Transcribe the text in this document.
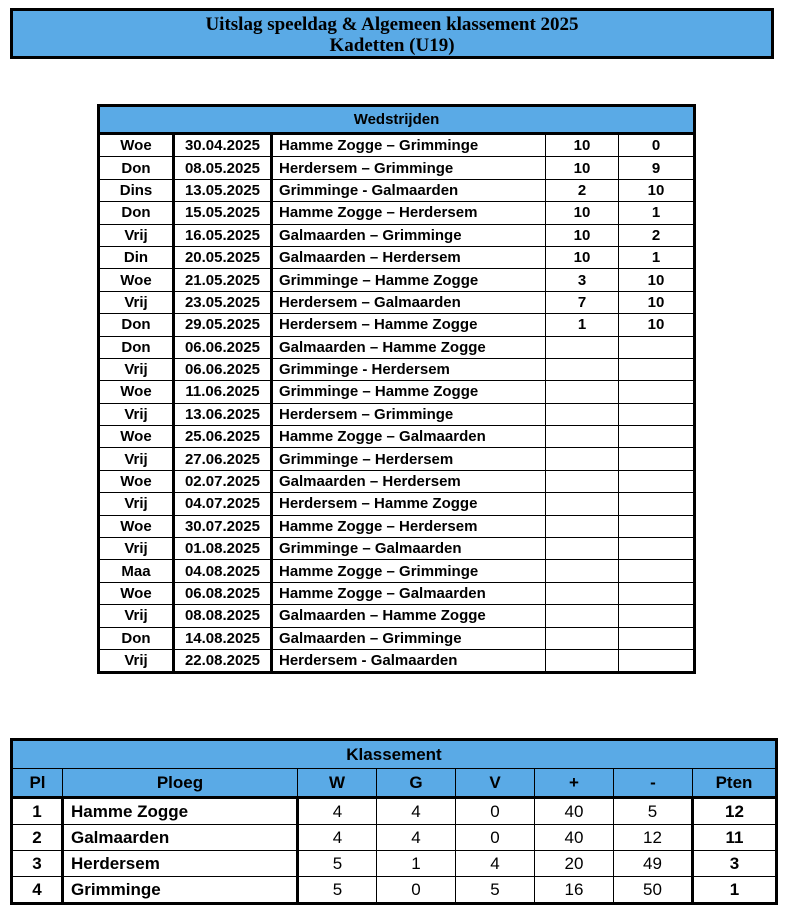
Uitslag speeldag & Algemeen klassement 2025
Kadetten (U19)
Wedstrijden
Woe	30.04.2025	Hamme Zogge – Grimminge	10	0
Don	08.05.2025	Herdersem – Grimminge	10	9
Dins	13.05.2025	Grimminge - Galmaarden	2	10
Don	15.05.2025	Hamme Zogge – Herdersem	10	1
Vrij	16.05.2025	Galmaarden – Grimminge	10	2
Din	20.05.2025	Galmaarden – Herdersem	10	1
Woe	21.05.2025	Grimminge – Hamme Zogge	3	10
Vrij	23.05.2025	Herdersem – Galmaarden	7	10
Don	29.05.2025	Herdersem – Hamme Zogge	1	10
Don	06.06.2025	Galmaarden – Hamme Zogge		
Vrij	06.06.2025	Grimminge - Herdersem		
Woe	11.06.2025	Grimminge – Hamme Zogge		
Vrij	13.06.2025	Herdersem – Grimminge		
Woe	25.06.2025	Hamme Zogge – Galmaarden		
Vrij	27.06.2025	Grimminge – Herdersem		
Woe	02.07.2025	Galmaarden – Herdersem		
Vrij	04.07.2025	Herdersem – Hamme Zogge		
Woe	30.07.2025	Hamme Zogge – Herdersem		
Vrij	01.08.2025	Grimminge – Galmaarden		
Maa	04.08.2025	Hamme Zogge – Grimminge		
Woe	06.08.2025	Hamme Zogge – Galmaarden		
Vrij	08.08.2025	Galmaarden – Hamme Zogge		
Don	14.08.2025	Galmaarden – Grimminge		
Vrij	22.08.2025	Herdersem - Galmaarden		
Klassement
Pl	Ploeg	W	G	V	+	-	Pten
1	Hamme Zogge	4	4	0	40	5	12
2	Galmaarden	4	4	0	40	12	11
3	Herdersem	5	1	4	20	49	3
4	Grimminge	5	0	5	16	50	1
